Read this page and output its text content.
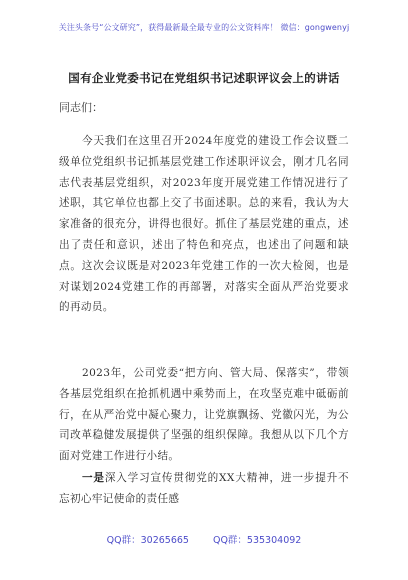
关注头条号“公文研究”，获得最新最全最专业的公文资料库！ 微信：gongwenyj
国有企业党委书记在党组织书记述职评议会上的讲话
同志们：

今天我们在这里召开2024年度党的建设工作会议暨二级单位党组织书记抓基层党建工作述职评议会，刚才几名同志代表基层党组织，对2023年度开展党建工作情况进行了述职，其它单位也都上交了书面述职。总的来看，我认为大家准备的很充分，讲得也很好。抓住了基层党建的重点，述出了责任和意识，述出了特色和亮点，也述出了问题和缺点。这次会议既是对2023年党建工作的一次大检阅，也是对谋划2024党建工作的再部署，对落实全面从严治党要求的再动员。

2023年，公司党委“把方向、管大局、保落实”，带领各基层党组织在抢抓机遇中乘势而上，在攻坚克难中砥砺前行，在从严治党中凝心聚力，让党旗飘扬、党徽闪光，为公司改革稳健发展提供了坚强的组织保障。我想从以下几个方面对党建工作进行小结。

一是深入学习宣传贯彻党的XX大精神，进一步提升不忘初心牢记使命的责任感

QQ群：30265665	QQ群：535304092
